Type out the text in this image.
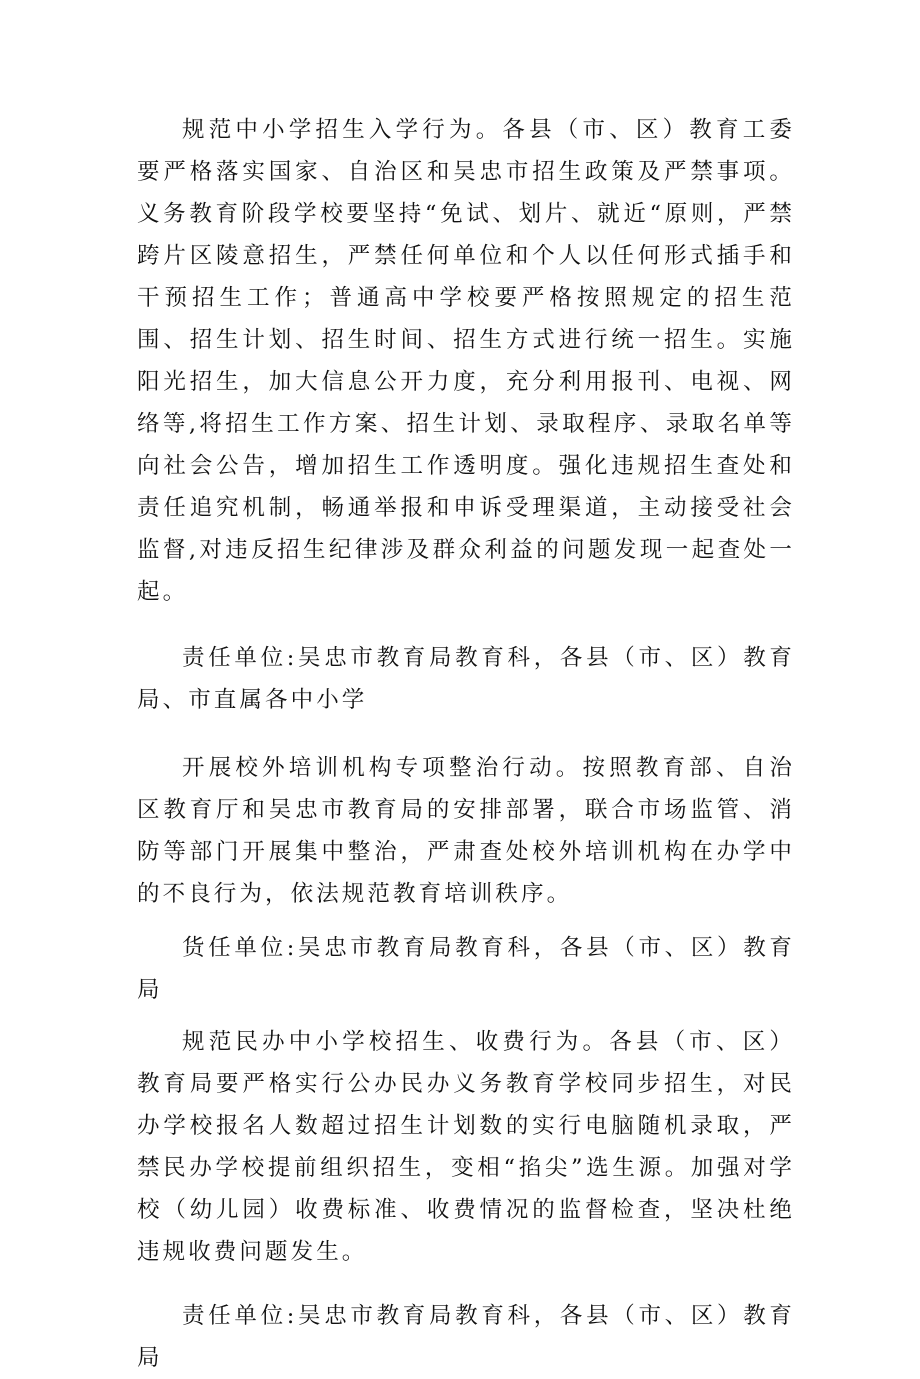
规范中小学招生入学行为。各县（市、区）教育工委要严格落实国家、自治区和吴忠市招生政策及严禁事项。义务教育阶段学校要坚持“免试、划片、就近“原则，严禁跨片区陵意招生，严禁任何单位和个人以任何形式插手和干预招生工作；普通高中学校要严格按照规定的招生范围、招生计划、招生时间、招生方式进行统一招生。实施阳光招生，加大信息公开力度，充分利用报刊、电视、网络等,将招生工作方案、招生计划、录取程序、录取名单等向社会公告，增加招生工作透明度。强化违规招生查处和责任追究机制，畅通举报和申诉受理渠道，主动接受社会监督,对违反招生纪律涉及群众利益的问题发现一起查处一起。

责任单位:吴忠市教育局教育科，各县（市、区）教育局、市直属各中小学

开展校外培训机构专项整治行动。按照教育部、自治区教育厅和吴忠市教育局的安排部署，联合市场监管、消防等部门开展集中整治，严肃查处校外培训机构在办学中的不良行为，依法规范教育培训秩序。

货任单位:吴忠市教育局教育科，各县（市、区）教育局

规范民办中小学校招生、收费行为。各县（市、区）教育局要严格实行公办民办义务教育学校同步招生，对民办学校报名人数超过招生计划数的实行电脑随机录取，严禁民办学校提前组织招生，变相“掐尖”选生源。加强对学校（幼儿园）收费标准、收费情况的监督检查，坚决杜绝违规收费问题发生。

责任单位:吴忠市教育局教育科，各县（市、区）教育局
